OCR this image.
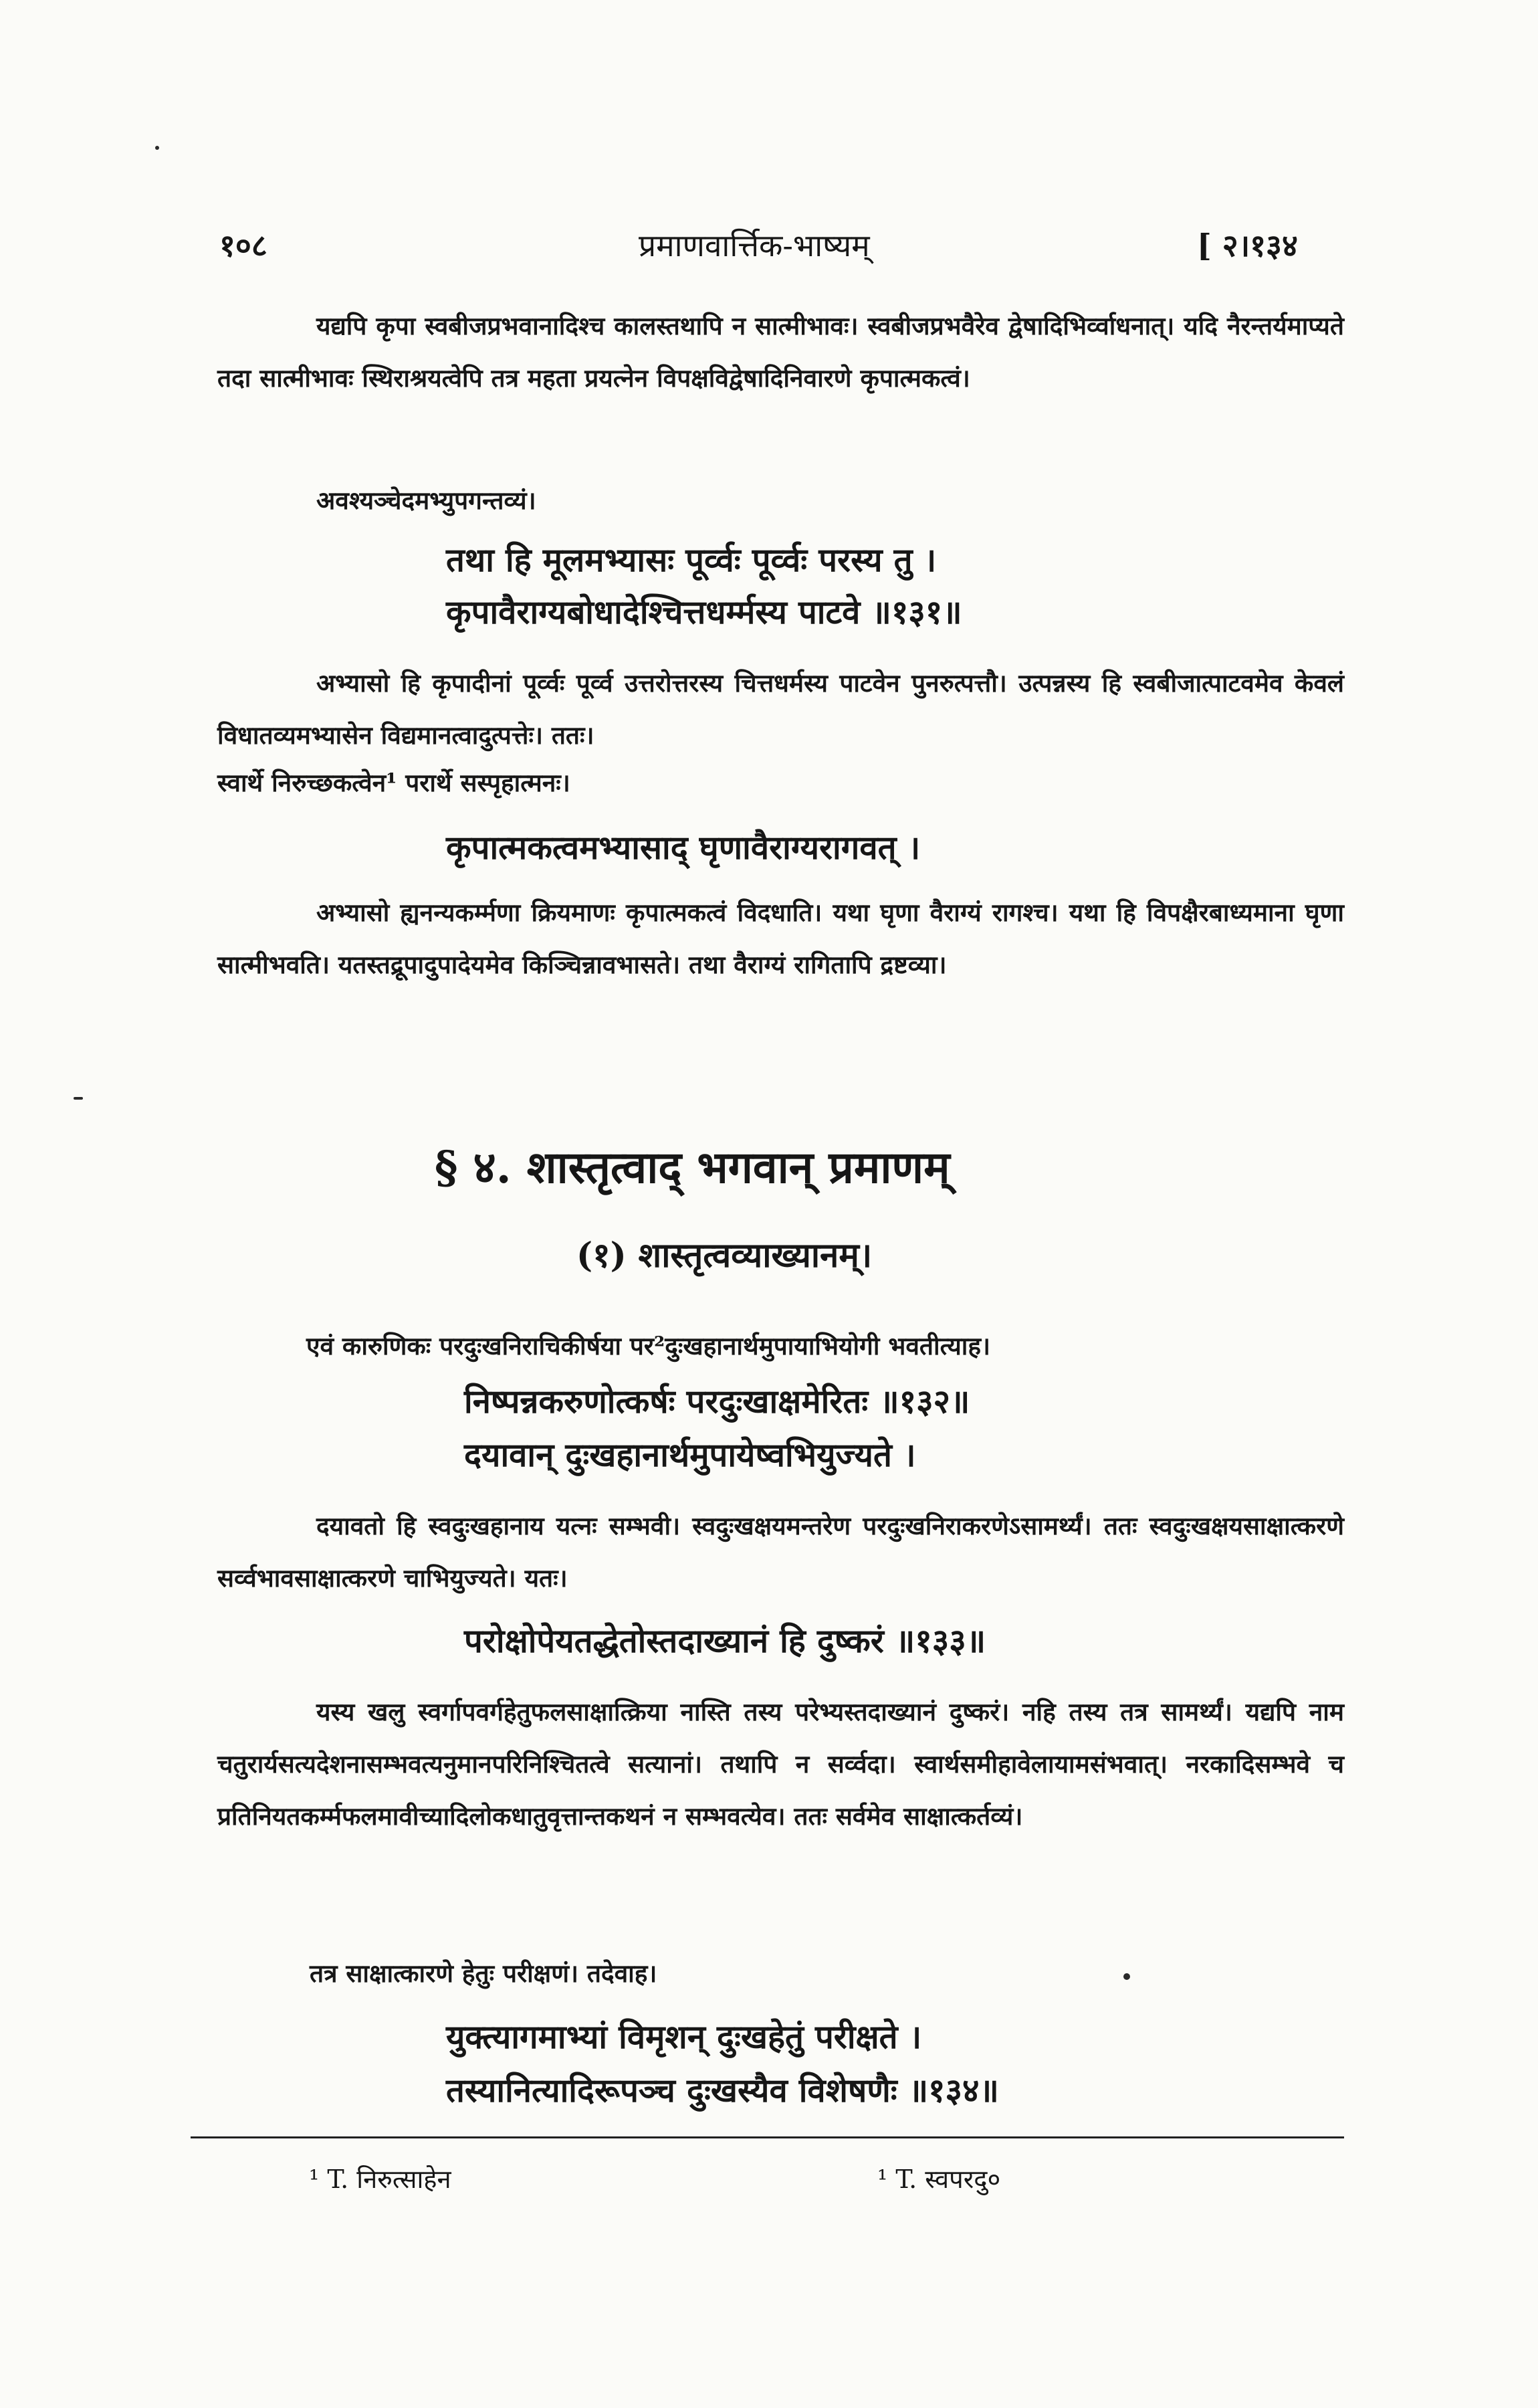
१०८	प्रमाणवार्त्तिक-भाष्यम्	[ २।१३४

यद्यपि कृपा स्वबीजप्रभवानादिश्च कालस्तथापि न सात्मीभावः। स्वबीजप्रभवैरेव द्वेषादिभिर्व्वाधनात्। यदि नैरन्तर्यमाप्यते तदा सात्मीभावः स्थिराश्रयत्वेपि तत्र महता प्रयत्नेन विपक्षविद्वेषादिनिवारणे कृपात्मकत्वं।

अवश्यञ्चेदमभ्युपगन्तव्यं।

तथा हि मूलमभ्यासः पूर्व्वः पूर्व्वः परस्य तु ।

कृपावैराग्यबोधादेश्चित्तधर्म्मस्य पाटवे ॥१३१॥

अभ्यासो हि कृपादीनां पूर्व्वः पूर्व्व उत्तरोत्तरस्य चित्तधर्मस्य पाटवेन पुनरुत्पत्तौ। उत्पन्नस्य हि स्वबीजात्पाटवमेव केवलं विधातव्यमभ्यासेन विद्यमानत्वादुत्पत्तेः। ततः।

स्वार्थे निरुच्छकत्वेन¹ परार्थे सस्पृहात्मनः।

कृपात्मकत्वमभ्यासाद् घृणावैराग्यरागवत् ।

अभ्यासो ह्यनन्यकर्म्मणा क्रियमाणः कृपात्मकत्वं विदधाति। यथा घृणा वैराग्यं रागश्च। यथा हि विपक्षैरबाध्यमाना घृणा सात्मीभवति। यतस्तद्रूपादुपादेयमेव किञ्चिन्नावभासते। तथा वैराग्यं रागितापि द्रष्टव्या।

§ ४. शास्तृत्वाद् भगवान् प्रमाणम्
(१) शास्तृत्वव्याख्यानम्।

एवं कारुणिकः परदुःखनिराचिकीर्षया पर²दुःखहानार्थमुपायाभियोगी भवतीत्याह।

निष्पन्नकरुणोत्कर्षः परदुःखाक्षमेरितः ॥१३२॥

दयावान् दुःखहानार्थमुपायेष्वभियुज्यते ।

दयावतो हि स्वदुःखहानाय यत्नः सम्भवी। स्वदुःखक्षयमन्तरेण परदुःखनिराकरणेऽसामर्थ्यं। ततः स्वदुःखक्षयसाक्षात्करणे सर्व्वभावसाक्षात्करणे चाभियुज्यते। यतः।

परोक्षोपेयतद्धेतोस्तदाख्यानं हि दुष्करं ॥१३३॥

यस्य खलु स्वर्गापवर्गहेतुफलसाक्षात्क्रिया नास्ति तस्य परेभ्यस्तदाख्यानं दुष्करं। नहि तस्य तत्र सामर्थ्यं। यद्यपि नाम चतुरार्यसत्यदेशनासम्भवत्यनुमानपरिनिश्चितत्वे सत्यानां। तथापि न सर्व्वदा। स्वार्थसमीहावेलायामसंभवात्। नरकादिसम्भवे च प्रतिनियतकर्म्मफलमावीच्यादिलोकधातुवृत्तान्तकथनं न सम्भवत्येव। ततः सर्वमेव साक्षात्कर्तव्यं।

तत्र साक्षात्कारणे हेतुः परीक्षणं। तदेवाह।

युक्त्यागमाभ्यां विमृशन् दुःखहेतुं परीक्षते ।

तस्यानित्यादिरूपञ्च दुःखस्यैव विशेषणैः ॥१३४॥

¹ T. निरुत्साहेन	¹ T. स्वपरदु०
